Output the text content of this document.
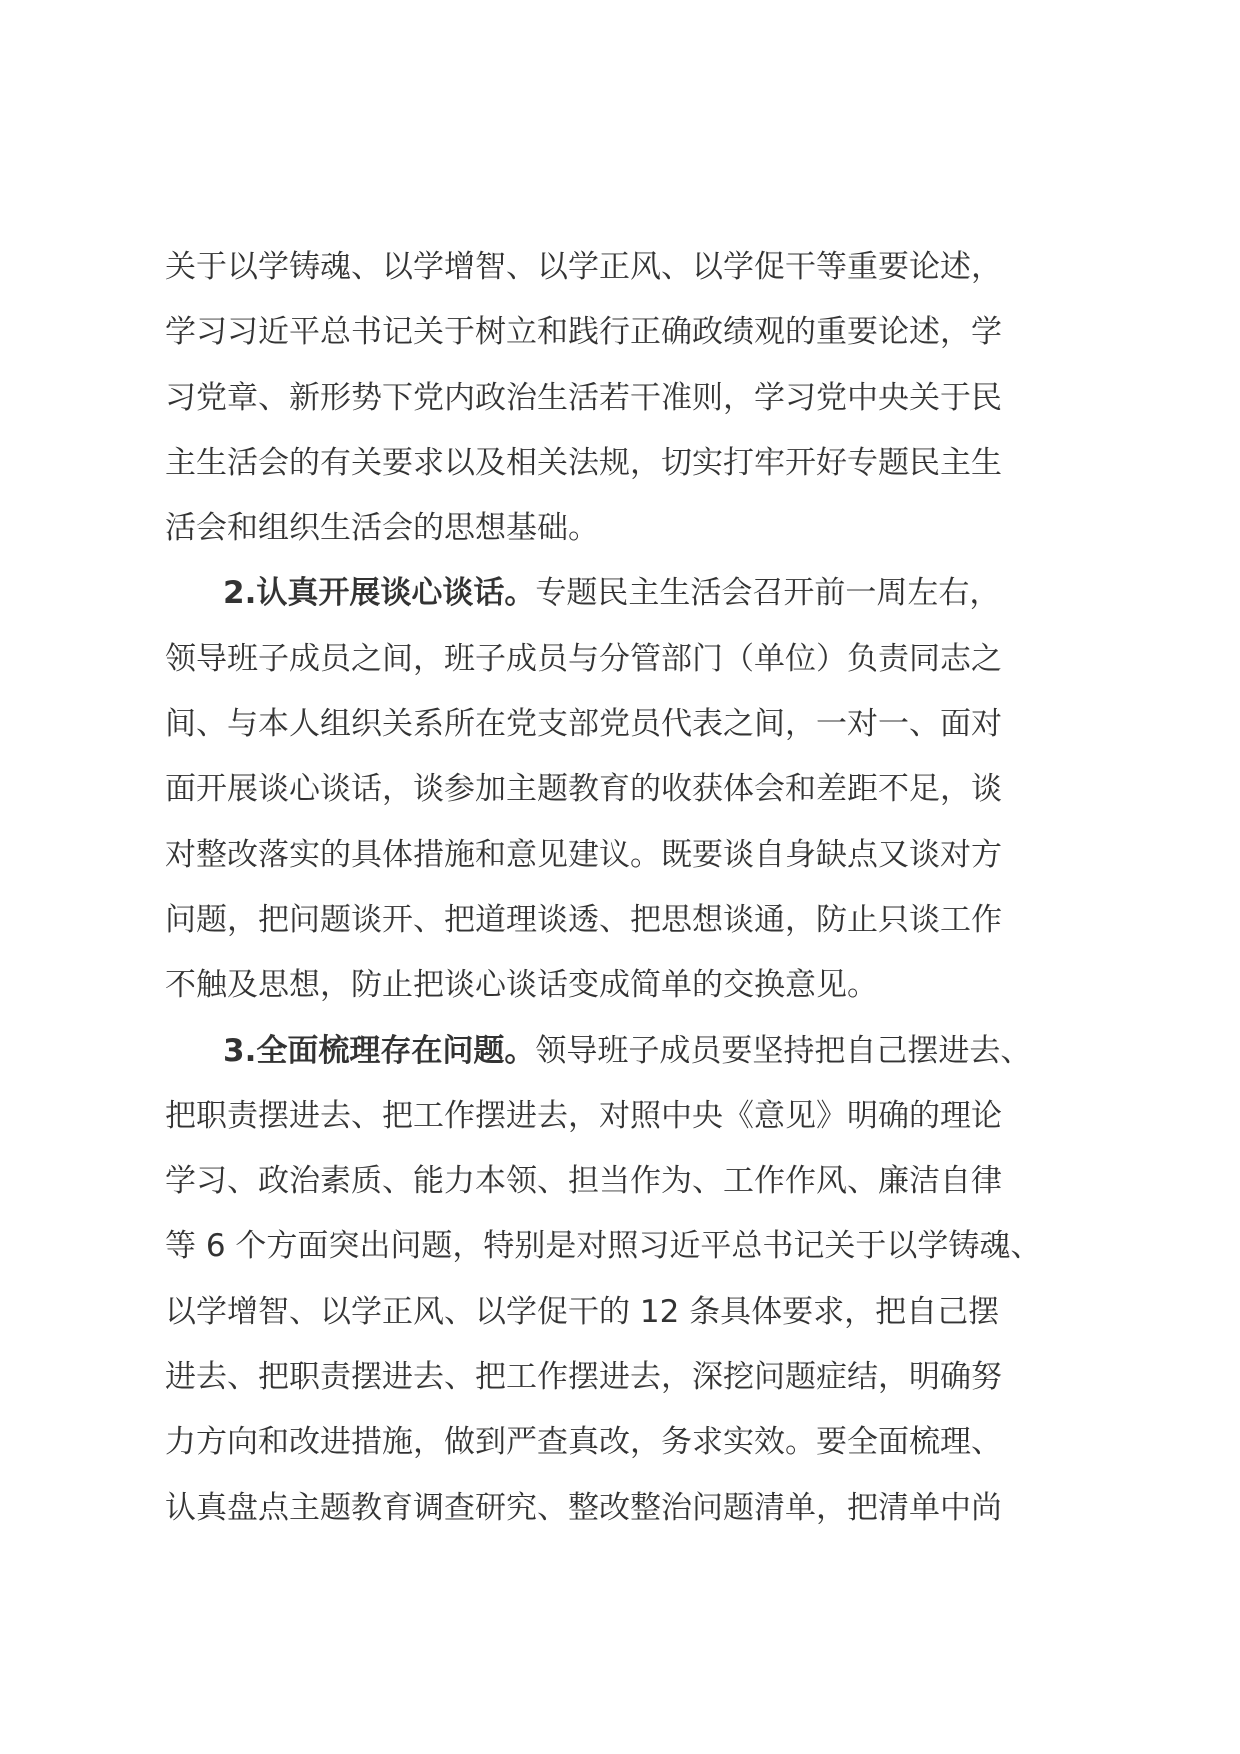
关于以学铸魂、以学增智、以学正风、以学促干等重要论述，
学习习近平总书记关于树立和践行正确政绩观的重要论述，学
习党章、新形势下党内政治生活若干准则，学习党中央关于民
主生活会的有关要求以及相关法规，切实打牢开好专题民主生
活会和组织生活会的思想基础。
2.认真开展谈心谈话。专题民主生活会召开前一周左右，
领导班子成员之间，班子成员与分管部门（单位）负责同志之
间、与本人组织关系所在党支部党员代表之间，一对一、面对
面开展谈心谈话，谈参加主题教育的收获体会和差距不足，谈
对整改落实的具体措施和意见建议。既要谈自身缺点又谈对方
问题，把问题谈开、把道理谈透、把思想谈通，防止只谈工作
不触及思想，防止把谈心谈话变成简单的交换意见。
3.全面梳理存在问题。领导班子成员要坚持把自己摆进去、
把职责摆进去、把工作摆进去，对照中央《意见》明确的理论
学习、政治素质、能力本领、担当作为、工作作风、廉洁自律
等 6 个方面突出问题，特别是对照习近平总书记关于以学铸魂、
以学增智、以学正风、以学促干的 12 条具体要求，把自己摆
进去、把职责摆进去、把工作摆进去，深挖问题症结，明确努
力方向和改进措施，做到严查真改，务求实效。要全面梳理、
认真盘点主题教育调查研究、整改整治问题清单，把清单中尚
